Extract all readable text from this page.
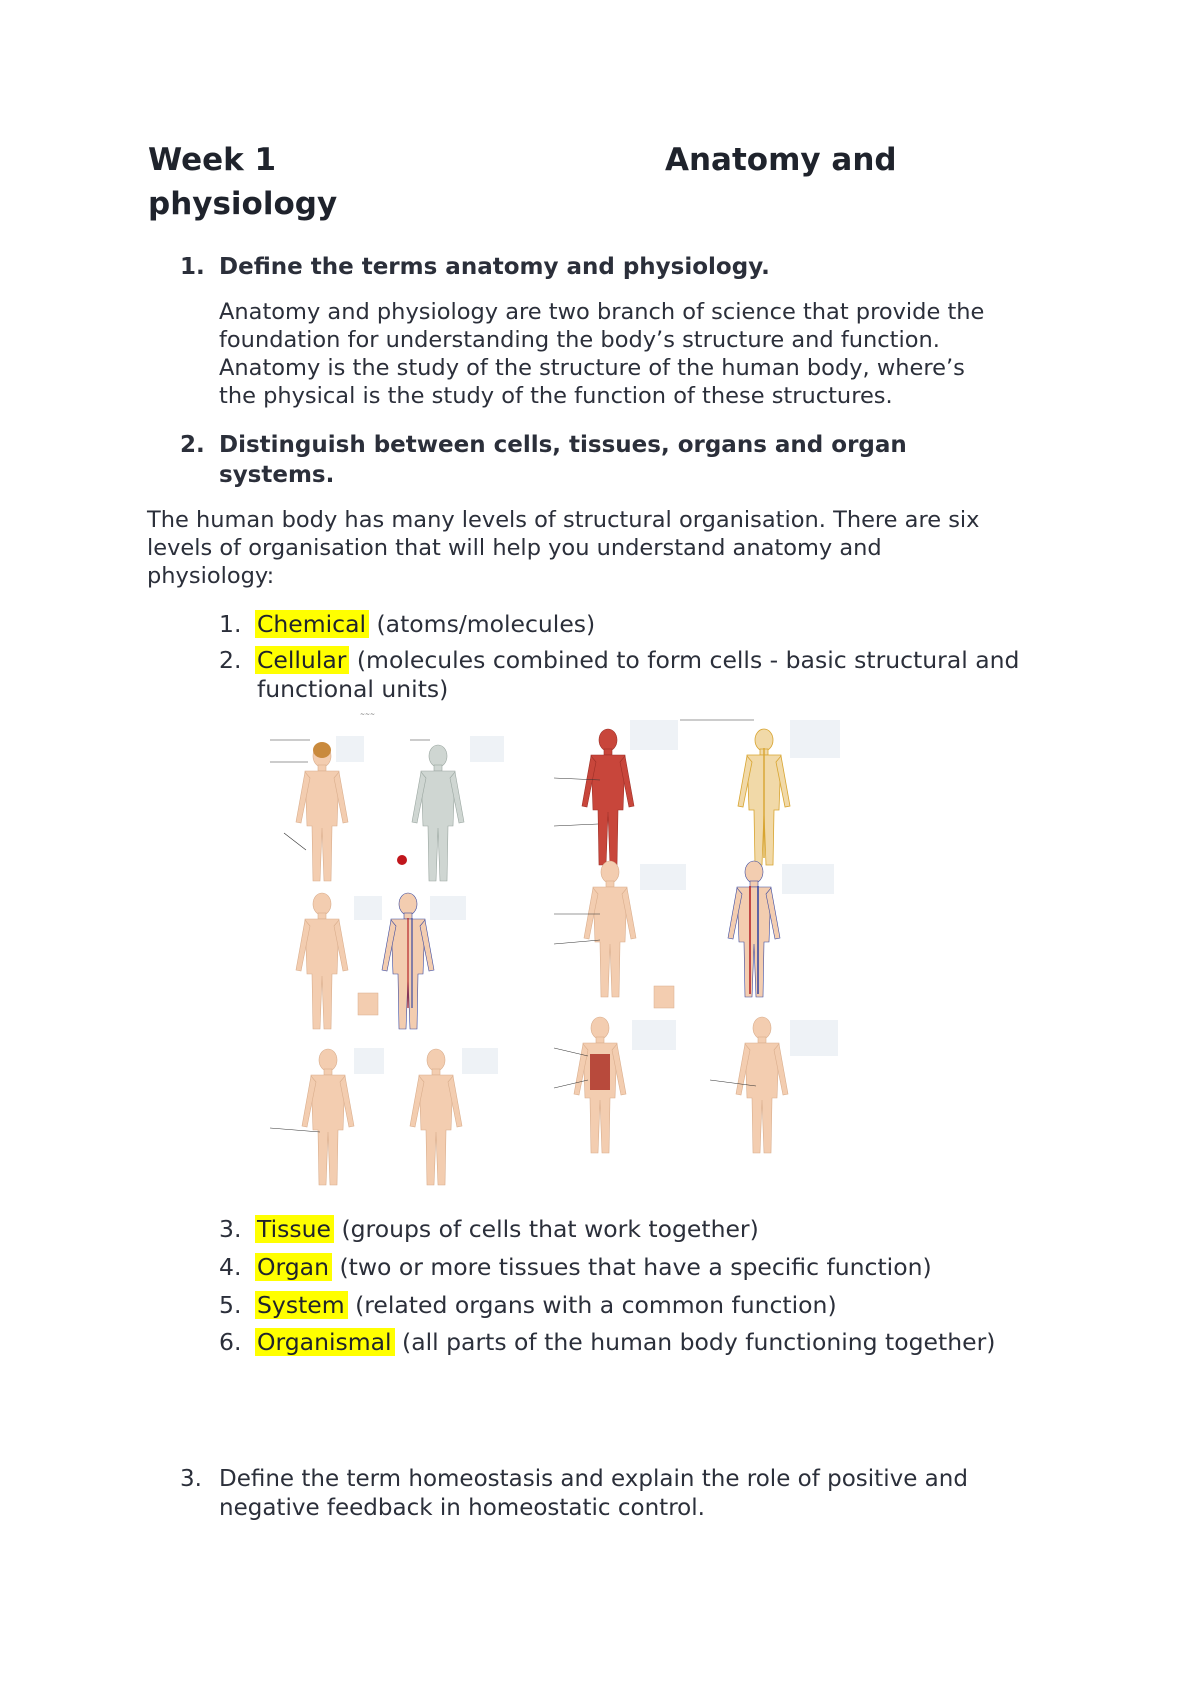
Week 1	Anatomy and
physiology
1. Define the terms anatomy and physiology.
Anatomy and physiology are two branch of science that provide the
foundation for understanding the body’s structure and function.
Anatomy is the study of the structure of the human body, where’s
the physical is the study of the function of these structures.
2. Distinguish between cells, tissues, organs and organ
systems.
The human body has many levels of structural organisation. There are six
levels of organisation that will help you understand anatomy and
physiology:
1. Chemical (atoms/molecules)
2. Cellular (molecules combined to form cells - basic structural and
functional units)
~~~
3. Tissue (groups of cells that work together)
4. Organ (two or more tissues that have a specific function)
5. System (related organs with a common function)
6. Organismal (all parts of the human body functioning together)
3. Define the term homeostasis and explain the role of positive and
negative feedback in homeostatic control.
